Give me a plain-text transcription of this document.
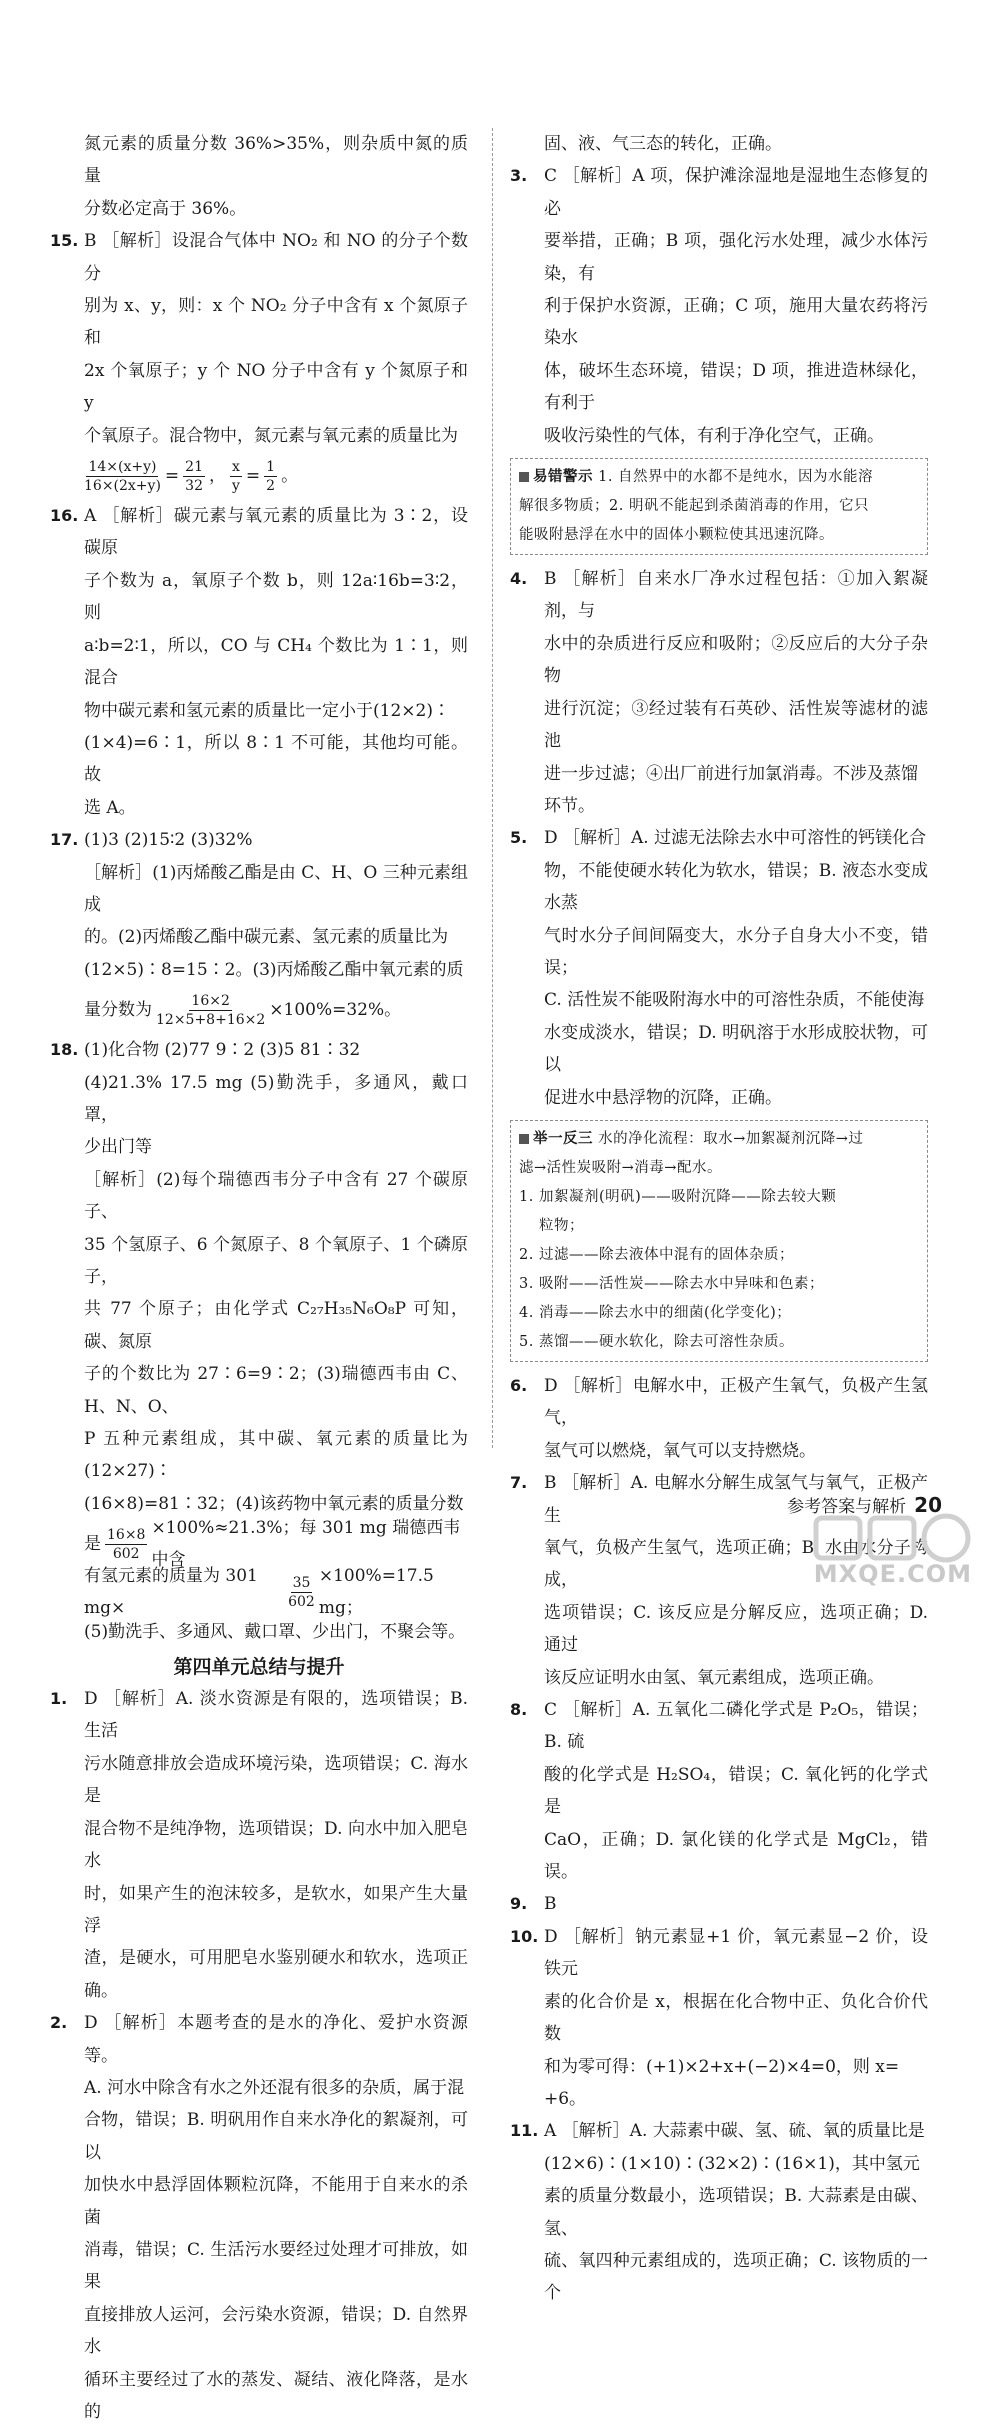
氮元素的质量分数 36%>35%，则杂质中氮的质量

分数必定高于 36%。

15. B ［解析］设混合气体中 NO₂ 和 NO 的分子个数分

别为 x、y，则：x 个 NO₂ 分子中含有 x 个氮原子和

2x 个氧原子；y 个 NO 分子中含有 y 个氮原子和 y

个氧原子。混合物中，氮元素与氧元素的质量比为

$\frac{14\times(x+y)}{16\times(2x+y)} = \frac{21}{32}$ ， $\frac{x}{y} = \frac{1}{2}$ 。
16. A ［解析］碳元素与氧元素的质量比为 3∶2，设碳原

子个数为 a，氧原子个数 b，则 12a∶16b=3∶2，则

a∶b=2∶1，所以，CO 与 CH₄ 个数比为 1∶1，则混合

物中碳元素和氢元素的质量比一定小于(12×2)∶

(1×4)=6∶1，所以 8∶1 不可能，其他均可能。故

选 A。

17. (1)3 (2)15∶2 (3)32%

［解析］(1)丙烯酸乙酯是由 C、H、O 三种元素组成

的。(2)丙烯酸乙酯中碳元素、氢元素的质量比为

(12×5)∶8=15∶2。(3)丙烯酸乙酯中氧元素的质

量分数为 $\frac{16\times 2}{12\times 5+8+16\times 2} \times 100\%=32\%$。
18. (1)化合物 (2)77 9∶2 (3)5 81∶32

(4)21.3% 17.5 mg (5)勤洗手，多通风，戴口罩，

少出门等

［解析］(2)每个瑞德西韦分子中含有 27 个碳原子、

35 个氢原子、6 个氮原子、8 个氧原子、1 个磷原子，

共 77 个原子；由化学式 C₂₇H₃₅N₆O₈P 可知，碳、氮原

子的个数比为 27∶6=9∶2；(3)瑞德西韦由 C、H、N、O、

P 五种元素组成，其中碳、氧元素的质量比为(12×27)∶

(16×8)=81∶32；(4)该药物中氧元素的质量分数

是 $\frac{16\times 8}{602} \times 100\%\approx 21.3\%$；每 301 mg 瑞德西韦中含
有氢元素的质量为 301 mg×	$\frac{35}{602} \times 100\%=17.5$ mg；

(5)勤洗手、多通风、戴口罩、少出门，不聚会等。

第四单元总结与提升

1. D ［解析］A. 淡水资源是有限的，选项错误；B. 生活

污水随意排放会造成环境污染，选项错误；C. 海水是

混合物不是纯净物，选项错误；D. 向水中加入肥皂水

时，如果产生的泡沫较多，是软水，如果产生大量浮

渣，是硬水，可用肥皂水鉴别硬水和软水，选项正确。

2. D ［解析］本题考查的是水的净化、爱护水资源等。

A. 河水中除含有水之外还混有很多的杂质，属于混

合物，错误；B. 明矾用作自来水净化的絮凝剂，可以

加快水中悬浮固体颗粒沉降，不能用于自来水的杀菌

消毒，错误；C. 生活污水要经过处理才可排放，如果

直接排放人运河，会污染水资源，错误；D. 自然界水

循环主要经过了水的蒸发、凝结、液化降落，是水的

固、液、气三态的转化，正确。

3. C ［解析］A 项，保护滩涂湿地是湿地生态修复的必

要举措，正确；B 项，强化污水处理，减少水体污染，有

利于保护水资源，正确；C 项，施用大量农药将污染水

体，破坏生态环境，错误；D 项，推进造林绿化，有利于

吸收污染性的气体，有利于净化空气，正确。

易错警示 1. 自然界中的水都不是纯水，因为水能溶

解很多物质；2. 明矾不能起到杀菌消毒的作用，它只

能吸附悬浮在水中的固体小颗粒使其迅速沉降。

4. B ［解析］自来水厂净水过程包括：①加入絮凝剂，与

水中的杂质进行反应和吸附；②反应后的大分子杂物

进行沉淀；③经过装有石英砂、活性炭等滤材的滤池

进一步过滤；④出厂前进行加氯消毒。不涉及蒸馏

环节。

5. D ［解析］A. 过滤无法除去水中可溶性的钙镁化合

物，不能使硬水转化为软水，错误；B. 液态水变成水蒸

气时水分子间间隔变大，水分子自身大小不变，错误；

C. 活性炭不能吸附海水中的可溶性杂质，不能使海

水变成淡水，错误；D. 明矾溶于水形成胶状物，可以

促进水中悬浮物的沉降，正确。

举一反三 水的净化流程：取水→加絮凝剂沉降→过

滤→活性炭吸附→消毒→配水。

1. 加絮凝剂(明矾)——吸附沉降——除去较大颗

粒物；

2. 过滤——除去液体中混有的固体杂质；

3. 吸附——活性炭——除去水中异味和色素；

4. 消毒——除去水中的细菌(化学变化)；

5. 蒸馏——硬水软化，除去可溶性杂质。

6. D ［解析］电解水中，正极产生氧气，负极产生氢气，

氢气可以燃烧，氧气可以支持燃烧。

7. B ［解析］A. 电解水分解生成氢气与氧气，正极产生

氧气，负极产生氢气，选项正确；B. 水由水分子构成，

选项错误；C. 该反应是分解反应，选项正确；D. 通过

该反应证明水由氢、氧元素组成，选项正确。

8. C ［解析］A. 五氧化二磷化学式是 P₂O₅，错误；B. 硫

酸的化学式是 H₂SO₄，错误；C. 氧化钙的化学式是

CaO，正确；D. 氯化镁的化学式是 MgCl₂，错误。

9. B

10. D ［解析］钠元素显+1 价，氧元素显−2 价，设铁元

素的化合价是 x，根据在化合物中正、负化合价代数

和为零可得：(+1)×2+x+(−2)×4=0，则 x=

+6。

11. A ［解析］A. 大蒜素中碳、氢、硫、氧的质量比是

(12×6)∶(1×10)∶(32×2)∶(16×1)，其中氢元

素的质量分数最小，选项错误；B. 大蒜素是由碳、氢、

硫、氧四种元素组成的，选项正确；C. 该物质的一个

参考答案与解析 20
MXQE.COM
